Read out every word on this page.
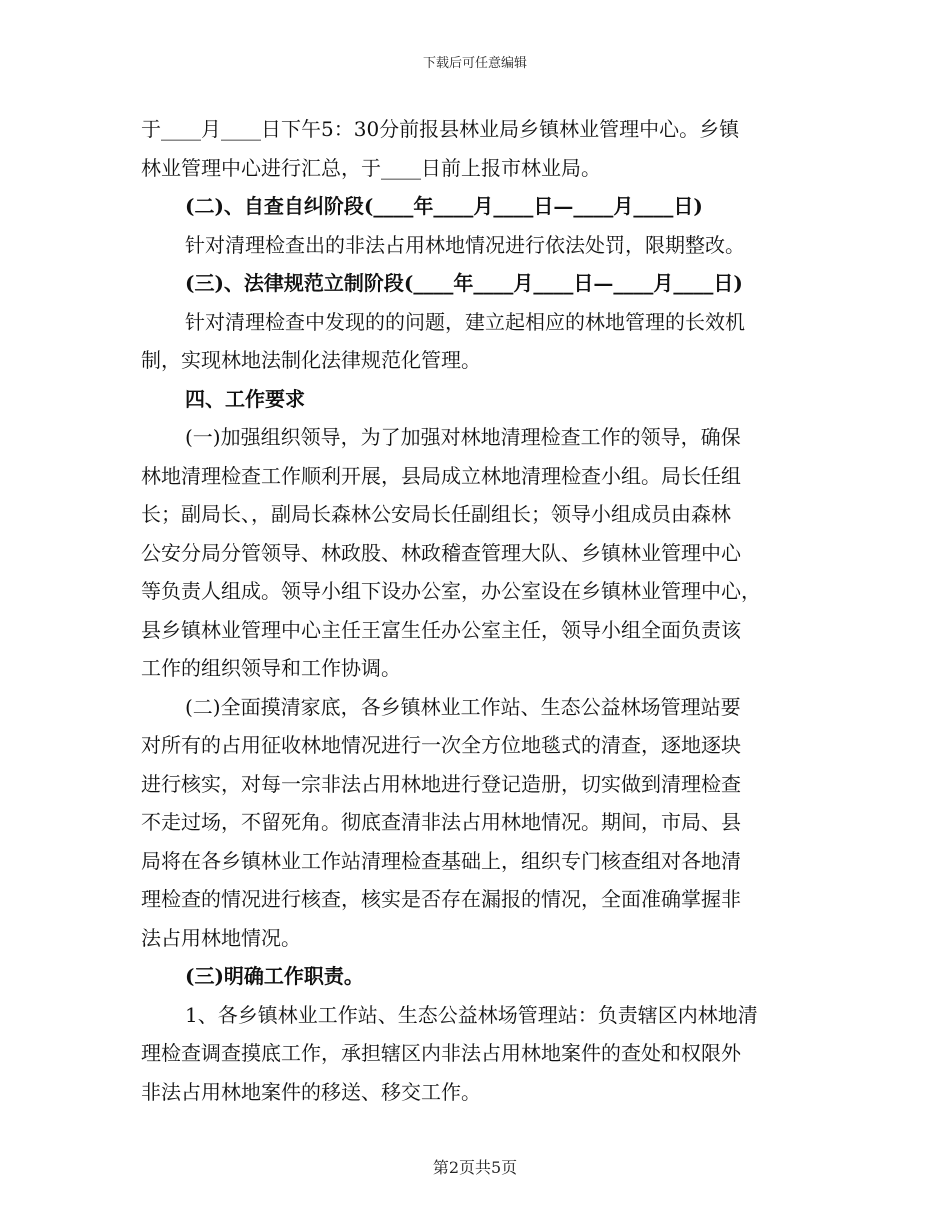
下载后可任意编辑
于____月____日下午5：30分前报县林业局乡镇林业管理中心。乡镇
林业管理中心进行汇总，于____日前上报市林业局。
(二)、自查自纠阶段(____年____月____日—____月____日)
针对清理检查出的非法占用林地情况进行依法处罚，限期整改。
(三)、法律规范立制阶段(____年____月____日—____月____日)
针对清理检查中发现的的问题，建立起相应的林地管理的长效机
制，实现林地法制化法律规范化管理。
四、工作要求
(一)加强组织领导，为了加强对林地清理检查工作的领导，确保
林地清理检查工作顺利开展，县局成立林地清理检查小组。局长任组
长；副局长、，副局长森林公安局长任副组长；领导小组成员由森林
公安分局分管领导、林政股、林政稽查管理大队、乡镇林业管理中心
等负责人组成。领导小组下设办公室，办公室设在乡镇林业管理中心，
县乡镇林业管理中心主任王富生任办公室主任，领导小组全面负责该
工作的组织领导和工作协调。
(二)全面摸清家底，各乡镇林业工作站、生态公益林场管理站要
对所有的占用征收林地情况进行一次全方位地毯式的清查，逐地逐块
进行核实，对每一宗非法占用林地进行登记造册，切实做到清理检查
不走过场，不留死角。彻底查清非法占用林地情况。期间，市局、县
局将在各乡镇林业工作站清理检查基础上，组织专门核查组对各地清
理检查的情况进行核查，核实是否存在漏报的情况，全面准确掌握非
法占用林地情况。
(三)明确工作职责。
1、各乡镇林业工作站、生态公益林场管理站：负责辖区内林地清
理检查调查摸底工作，承担辖区内非法占用林地案件的查处和权限外
非法占用林地案件的移送、移交工作。
第2页共5页
